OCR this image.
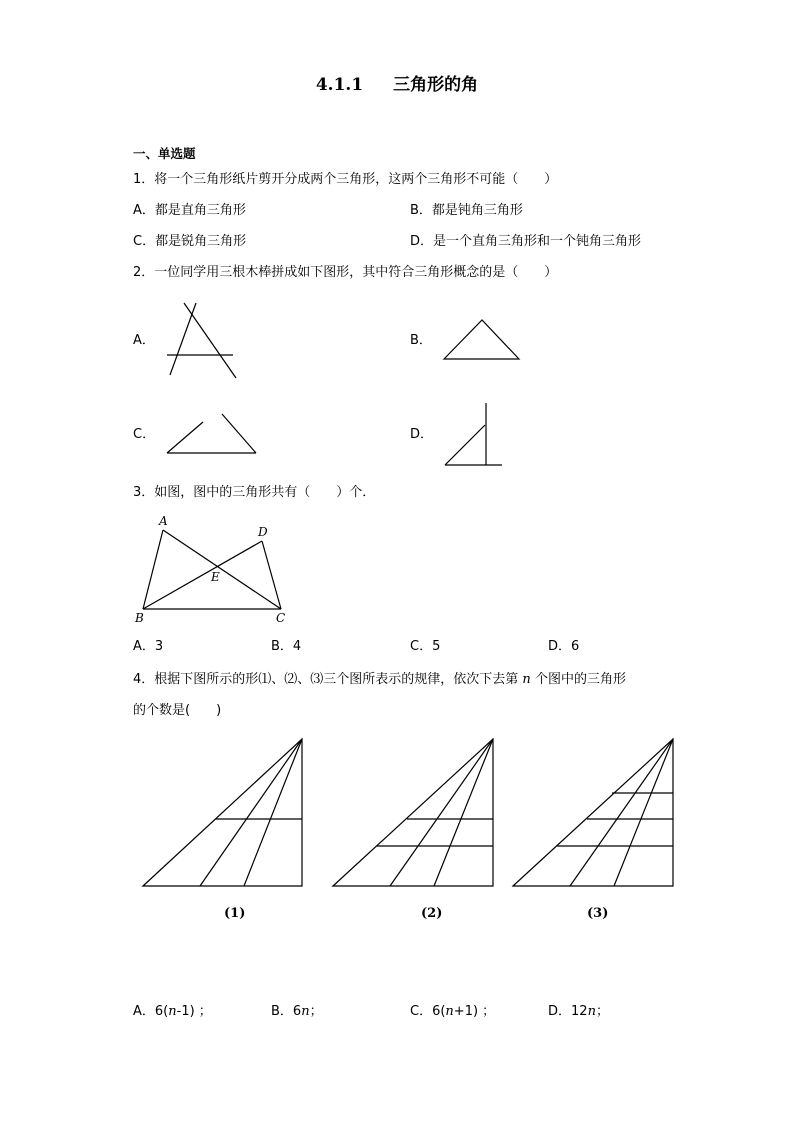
4.1.1 三角形的角
一、单选题
1．将一个三角形纸片剪开分成两个三角形，这两个三角形不可能（　　）
A．都是直角三角形	B．都是钝角三角形
C．都是锐角三角形	D．是一个直角三角形和一个钝角三角形
2．一位同学用三根木棒拼成如下图形，其中符合三角形概念的是（　　）
A．	B．
C．	D．
3．如图，图中的三角形共有（　　）个．
A
D
E
B	C
A．3	B．4	C．5	D．6
4．根据下图所示的形⑴、⑵、⑶三个图所表示的规律，依次下去第 n 个图中的三角形
的个数是(　　)
(1)	(2)	(3)
A．6(n-1) ；	B．6n；	C．6(n+1) ；	D．12n；
